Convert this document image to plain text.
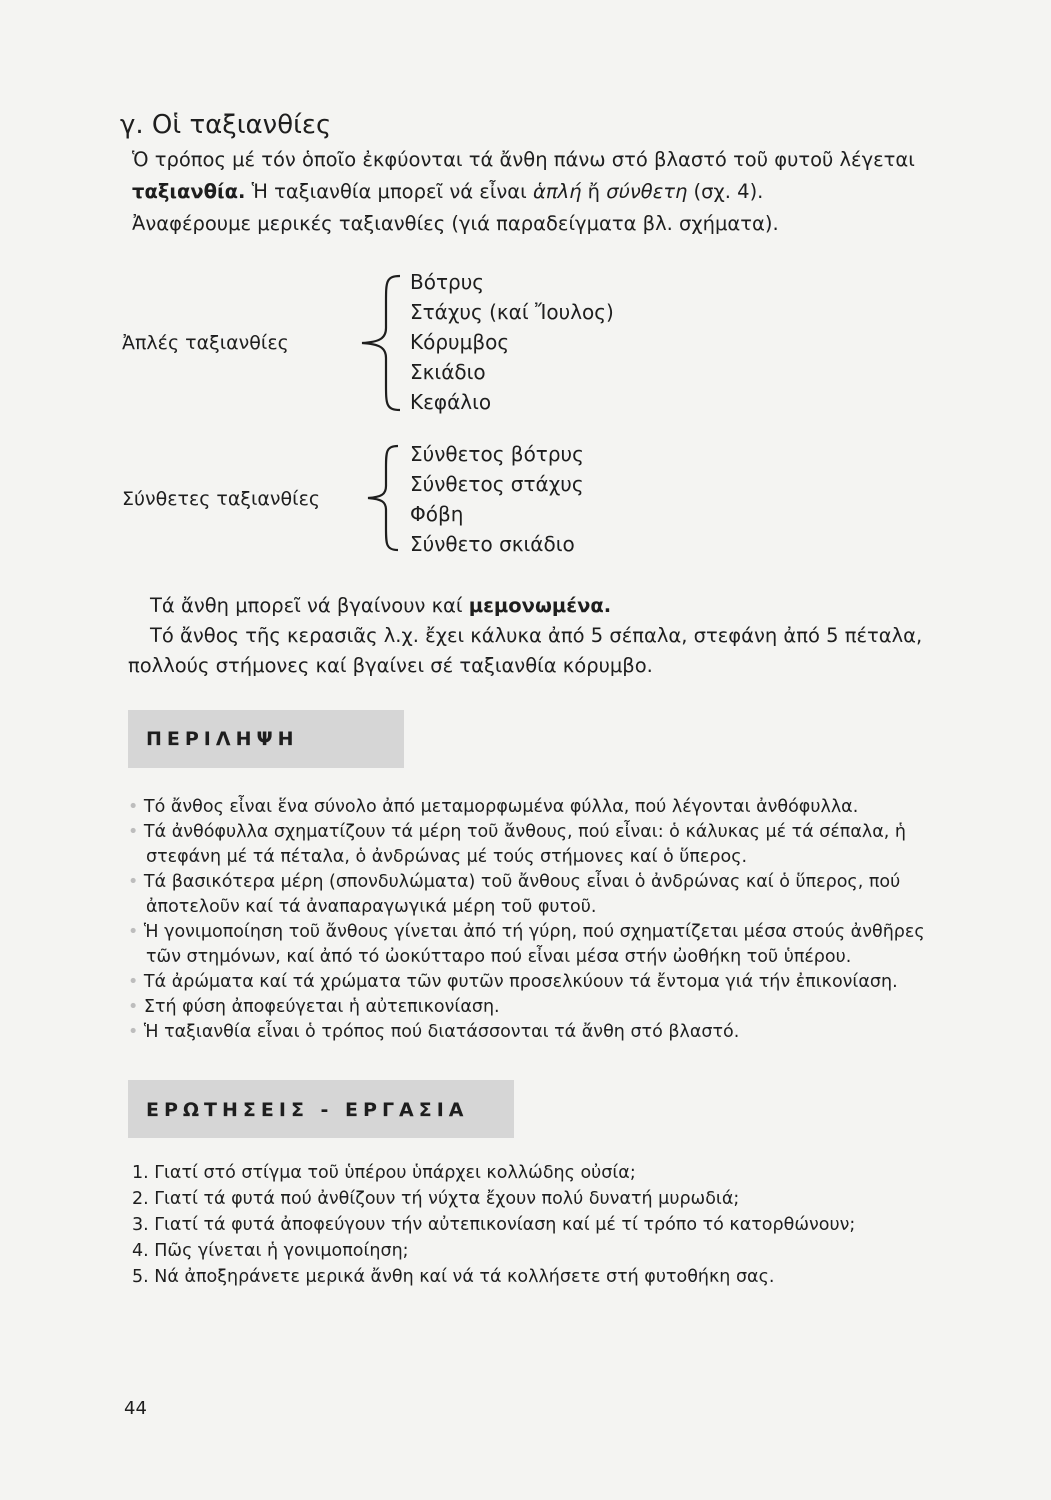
γ. Οἱ ταξιανθίες
Ὁ τρόπος μέ τόν ὁποῖο ἐκφύονται τά ἄνθη πάνω στό βλαστό τοῦ φυτοῦ λέγεται
ταξιανθία. Ἡ ταξιανθία μπορεῖ νά εἶναι ἁπλή ἤ σύνθετη (σχ. 4).
Ἀναφέρουμε μερικές ταξιανθίες (γιά παραδείγματα βλ. σχήματα).
Ἀπλές ταξιανθίες
Βότρυς
Στάχυς (καί Ἴουλος)
Κόρυμβος
Σκιάδιο
Κεφάλιο
Σύνθετες ταξιανθίες
Σύνθετος βότρυς
Σύνθετος στάχυς
Φόβη
Σύνθετο σκιάδιο
Τά ἄνθη μπορεῖ νά βγαίνουν καί μεμονωμένα.
Τό ἄνθος τῆς κερασιᾶς λ.χ. ἔχει κάλυκα ἀπό 5 σέπαλα, στεφάνη ἀπό 5 πέταλα,
πολλούς στήμονες καί βγαίνει σέ ταξιανθία κόρυμβο.
ΠΕΡΙΛΗΨΗ
• Τό ἄνθος εἶναι ἕνα σύνολο ἀπό μεταμορφωμένα φύλλα, πού λέγονται ἀνθόφυλλα.
• Τά ἀνθόφυλλα σχηματίζουν τά μέρη τοῦ ἄνθους, πού εἶναι: ὁ κάλυκας μέ τά σέπαλα, ἡ
στεφάνη μέ τά πέταλα, ὁ ἀνδρώνας μέ τούς στήμονες καί ὁ ὕπερος.
• Τά βασικότερα μέρη (σπονδυλώματα) τοῦ ἄνθους εἶναι ὁ ἀνδρώνας καί ὁ ὕπερος, πού
ἀποτελοῦν καί τά ἀναπαραγωγικά μέρη τοῦ φυτοῦ.
• Ἡ γονιμοποίηση τοῦ ἄνθους γίνεται ἀπό τή γύρη, πού σχηματίζεται μέσα στούς ἀνθῆρες
τῶν στημόνων, καί ἀπό τό ὠοκύτταρο πού εἶναι μέσα στήν ὠοθήκη τοῦ ὑπέρου.
• Τά ἀρώματα καί τά χρώματα τῶν φυτῶν προσελκύουν τά ἔντομα γιά τήν ἐπικονίαση.
• Στή φύση ἀποφεύγεται ἡ αὐτεπικονίαση.
• Ἡ ταξιανθία εἶναι ὁ τρόπος πού διατάσσονται τά ἄνθη στό βλαστό.
ΕΡΩΤΗΣΕΙΣ - ΕΡΓΑΣΙΑ
1. Γιατί στό στίγμα τοῦ ὑπέρου ὑπάρχει κολλώδης οὐσία;
2. Γιατί τά φυτά πού ἀνθίζουν τή νύχτα ἔχουν πολύ δυνατή μυρωδιά;
3. Γιατί τά φυτά ἀποφεύγουν τήν αὐτεπικονίαση καί μέ τί τρόπο τό κατορθώνουν;
4. Πῶς γίνεται ἡ γονιμοποίηση;
5. Νά ἀποξηράνετε μερικά ἄνθη καί νά τά κολλήσετε στή φυτοθήκη σας.
44
